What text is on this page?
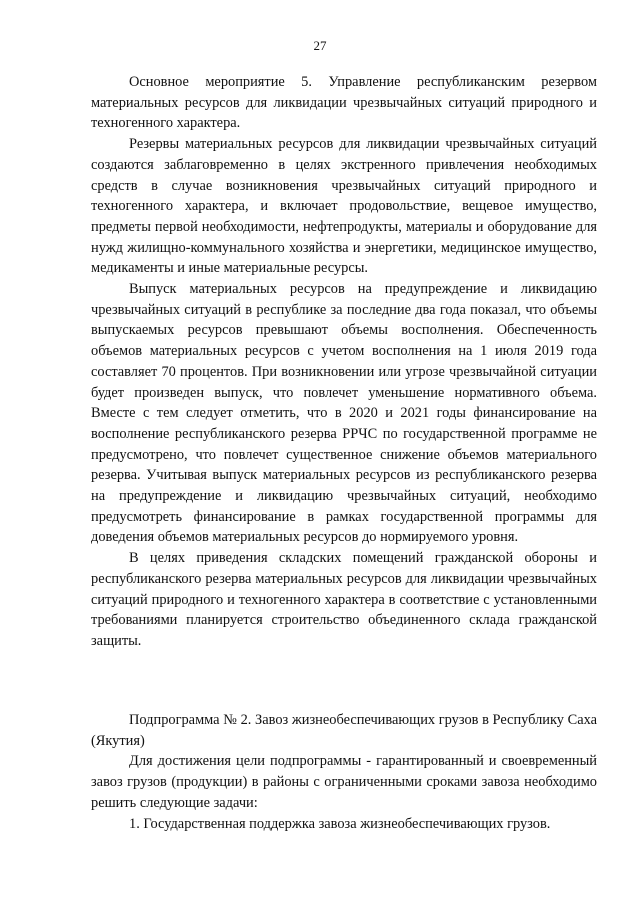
27

Основное мероприятие 5. Управление республиканским резервом материальных ресурсов для ликвидации чрезвычайных ситуаций природного и техногенного характера.

Резервы материальных ресурсов для ликвидации чрезвычайных ситуаций создаются заблаговременно в целях экстренного привлечения необходимых средств в случае возникновения чрезвычайных ситуаций природного и техногенного характера, и включает продовольствие, вещевое имущество, предметы первой необходимости, нефтепродукты, материалы и оборудование для нужд жилищно-коммунального хозяйства и энергетики, медицинское имущество, медикаменты и иные материальные ресурсы.

Выпуск материальных ресурсов на предупреждение и ликвидацию чрезвычайных ситуаций в республике за последние два года показал, что объемы выпускаемых ресурсов превышают объемы восполнения. Обеспеченность объемов материальных ресурсов с учетом восполнения на 1 июля 2019 года составляет 70 процентов. При возникновении или угрозе чрезвычайной ситуации будет произведен выпуск, что повлечет уменьшение нормативного объема. Вместе с тем следует отметить, что в 2020 и 2021 годы финансирование на восполнение республиканского резерва РРЧС по государственной программе не предусмотрено, что повлечет существенное снижение объемов материального резерва. Учитывая выпуск материальных ресурсов из республиканского резерва на предупреждение и ликвидацию чрезвычайных ситуаций, необходимо предусмотреть финансирование в рамках государственной программы для доведения объемов материальных ресурсов до нормируемого уровня.

В целях приведения складских помещений гражданской обороны и республиканского резерва материальных ресурсов для ликвидации чрезвычайных ситуаций природного и техногенного характера в соответствие с установленными требованиями планируется строительство объединенного склада гражданской защиты.

Подпрограмма № 2. Завоз жизнеобеспечивающих грузов в Республику Саха (Якутия)

Для достижения цели подпрограммы - гарантированный и своевременный завоз грузов (продукции) в районы с ограниченными сроками завоза необходимо решить следующие задачи:

1. Государственная поддержка завоза жизнеобеспечивающих грузов.
